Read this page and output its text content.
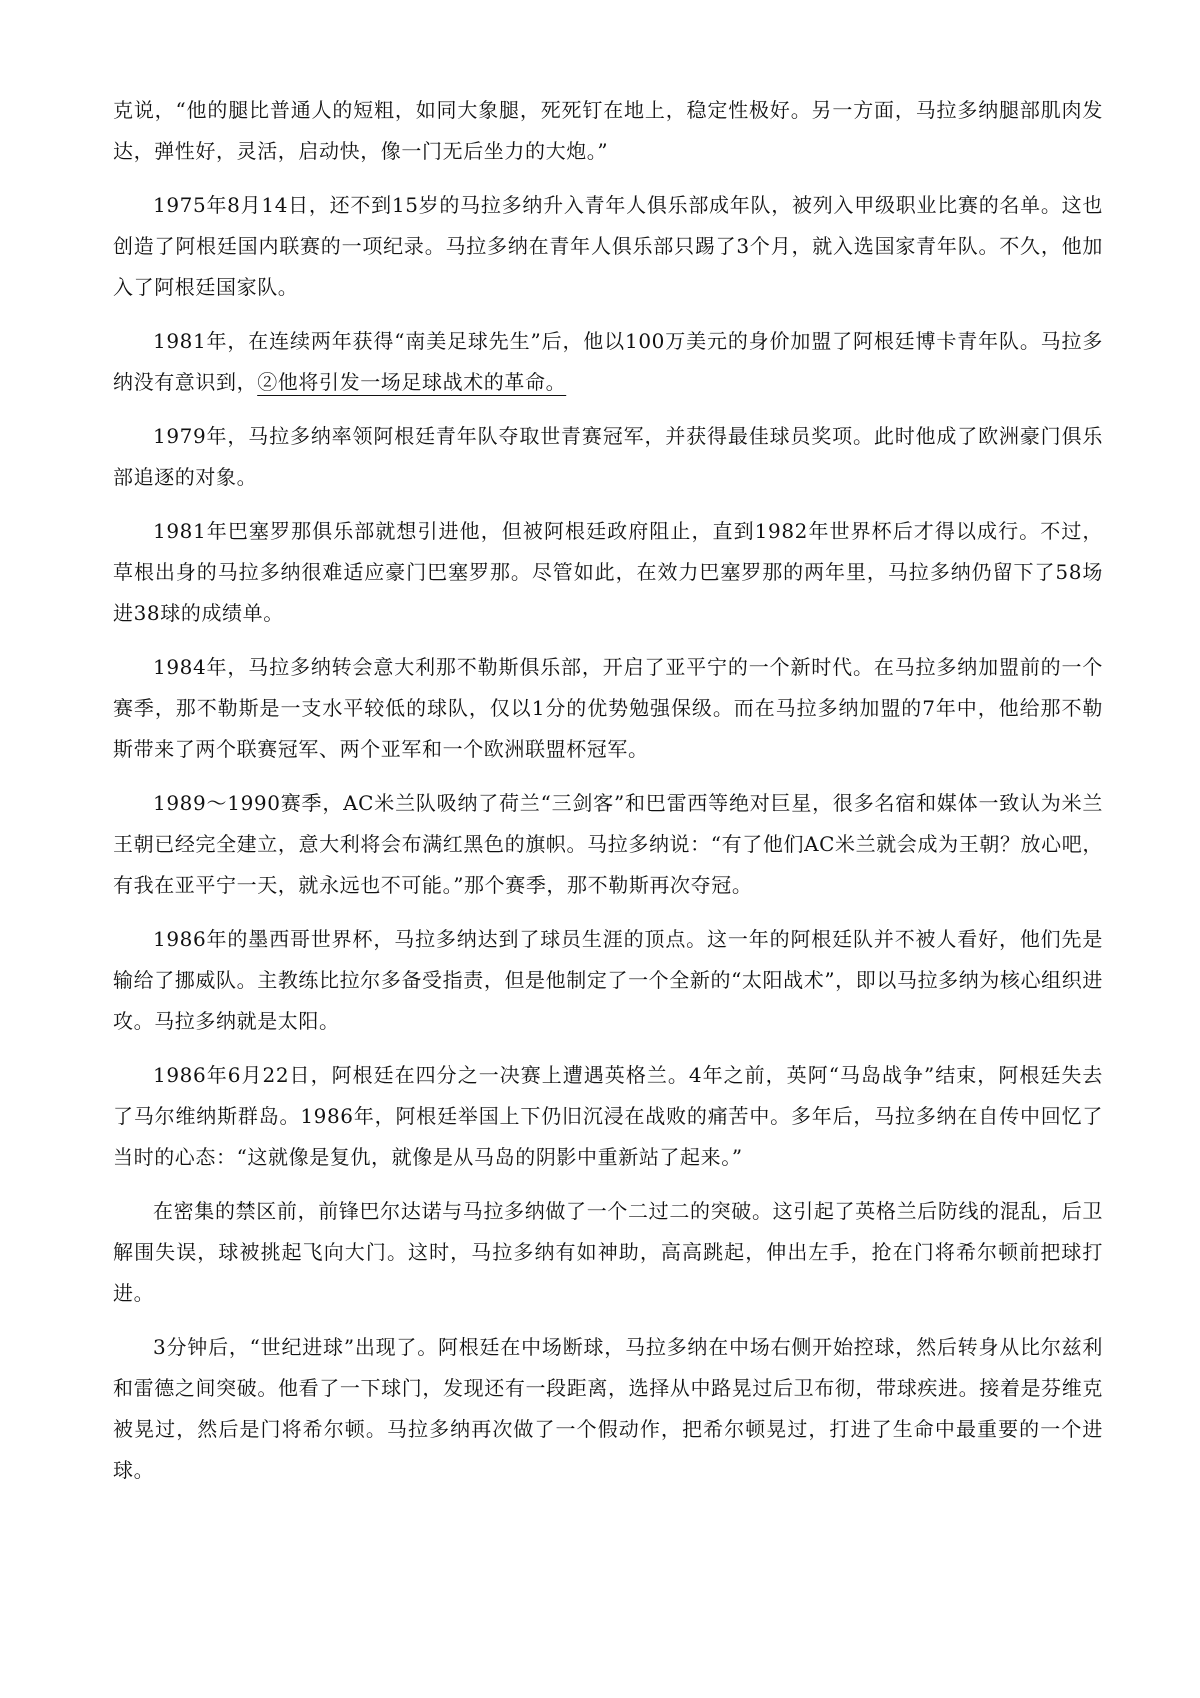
克说，“他的腿比普通人的短粗，如同大象腿，死死钉在地上，稳定性极好。另一方面，马拉多纳腿部肌肉发达，弹性好，灵活，启动快，像一门无后坐力的大炮。”

1975年8月14日，还不到15岁的马拉多纳升入青年人俱乐部成年队，被列入甲级职业比赛的名单。这也创造了阿根廷国内联赛的一项纪录。马拉多纳在青年人俱乐部只踢了3个月，就入选国家青年队。不久，他加入了阿根廷国家队。

1981年，在连续两年获得“南美足球先生”后，他以100万美元的身价加盟了阿根廷博卡青年队。马拉多纳没有意识到，②他将引发一场足球战术的革命。

1979年，马拉多纳率领阿根廷青年队夺取世青赛冠军，并获得最佳球员奖项。此时他成了欧洲豪门俱乐部追逐的对象。

1981年巴塞罗那俱乐部就想引进他，但被阿根廷政府阻止，直到1982年世界杯后才得以成行。不过，草根出身的马拉多纳很难适应豪门巴塞罗那。尽管如此，在效力巴塞罗那的两年里，马拉多纳仍留下了58场进38球的成绩单。

1984年，马拉多纳转会意大利那不勒斯俱乐部，开启了亚平宁的一个新时代。在马拉多纳加盟前的一个赛季，那不勒斯是一支水平较低的球队，仅以1分的优势勉强保级。而在马拉多纳加盟的7年中，他给那不勒斯带来了两个联赛冠军、两个亚军和一个欧洲联盟杯冠军。

1989～1990赛季，AC米兰队吸纳了荷兰“三剑客”和巴雷西等绝对巨星，很多名宿和媒体一致认为米兰王朝已经完全建立，意大利将会布满红黑色的旗帜。马拉多纳说：“有了他们AC米兰就会成为王朝？放心吧，有我在亚平宁一天，就永远也不可能。”那个赛季，那不勒斯再次夺冠。

1986年的墨西哥世界杯，马拉多纳达到了球员生涯的顶点。这一年的阿根廷队并不被人看好，他们先是输给了挪威队。主教练比拉尔多备受指责，但是他制定了一个全新的“太阳战术”，即以马拉多纳为核心组织进攻。马拉多纳就是太阳。

1986年6月22日，阿根廷在四分之一决赛上遭遇英格兰。4年之前，英阿“马岛战争”结束，阿根廷失去了马尔维纳斯群岛。1986年，阿根廷举国上下仍旧沉浸在战败的痛苦中。多年后，马拉多纳在自传中回忆了当时的心态：“这就像是复仇，就像是从马岛的阴影中重新站了起来。”

在密集的禁区前，前锋巴尔达诺与马拉多纳做了一个二过二的突破。这引起了英格兰后防线的混乱，后卫解围失误，球被挑起飞向大门。这时，马拉多纳有如神助，高高跳起，伸出左手，抢在门将希尔顿前把球打进。

3分钟后，“世纪进球”出现了。阿根廷在中场断球，马拉多纳在中场右侧开始控球，然后转身从比尔兹利和雷德之间突破。他看了一下球门，发现还有一段距离，选择从中路晃过后卫布彻，带球疾进。接着是芬维克被晃过，然后是门将希尔顿。马拉多纳再次做了一个假动作，把希尔顿晃过，打进了生命中最重要的一个进球。
